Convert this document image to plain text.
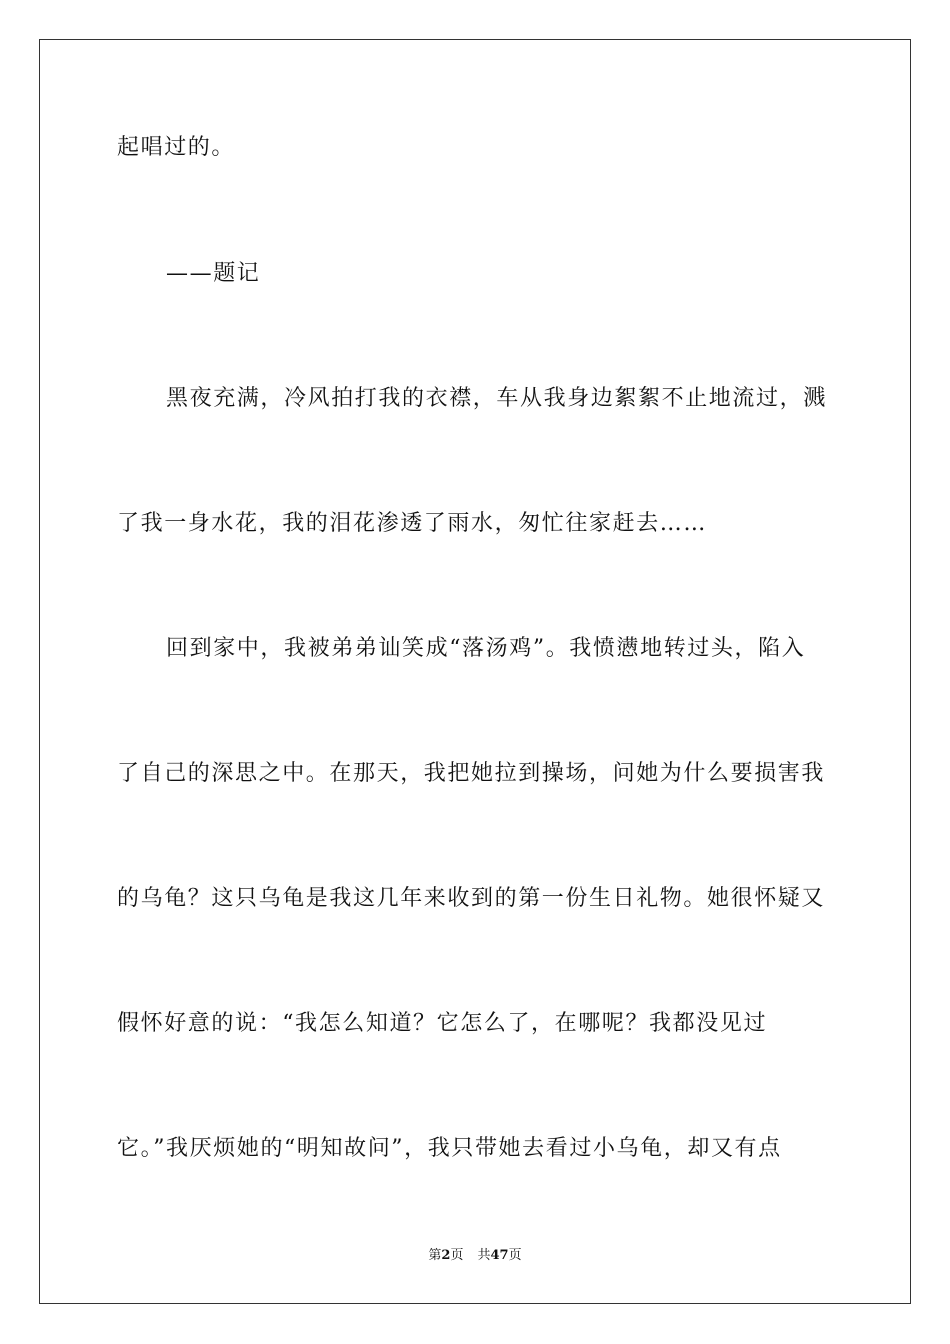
起唱过的。
——题记
黑夜充满，冷风拍打我的衣襟，车从我身边絮絮不止地流过，溅
了我一身水花，我的泪花渗透了雨水，匆忙往家赶去……
回到家中，我被弟弟讪笑成“落汤鸡”。我愤懑地转过头，陷入
了自己的深思之中。在那天，我把她拉到操场，问她为什么要损害我
的乌龟？这只乌龟是我这几年来收到的第一份生日礼物。她很怀疑又
假怀好意的说：“我怎么知道？它怎么了，在哪呢？我都没见过
它。”我厌烦她的“明知故问”，我只带她去看过小乌龟，却又有点
第2页 共47页
